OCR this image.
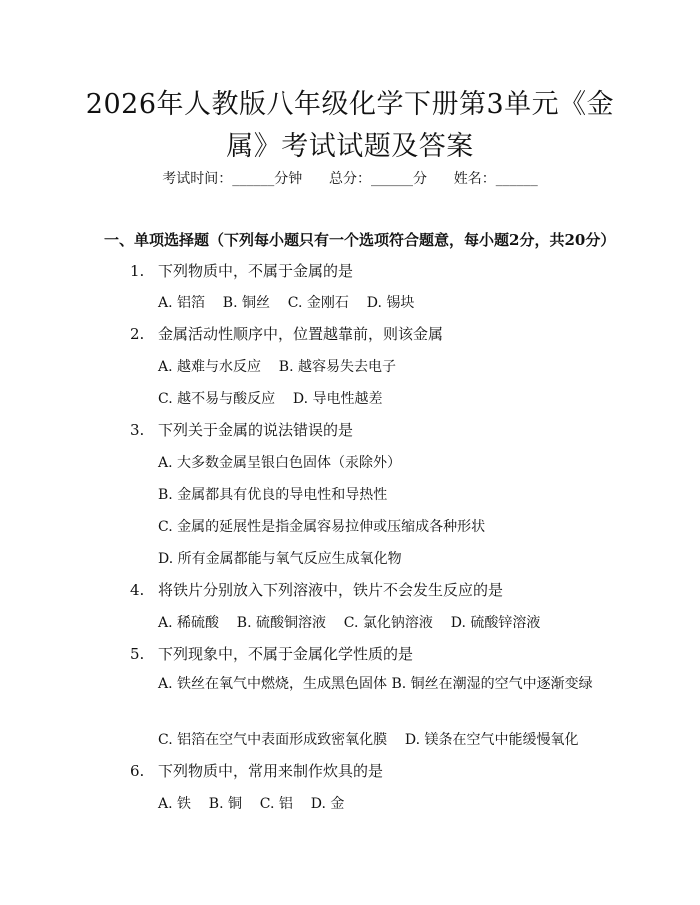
2026年人教版八年级化学下册第3单元《金属》考试试题及答案
考试时间：______分钟      总分：______分      姓名：______
一、单项选择题（下列每小题只有一个选项符合题意，每小题2分，共20分）
1. 下列物质中，不属于金属的是
A. 铝箔    B. 铜丝    C. 金刚石    D. 锡块
2. 金属活动性顺序中，位置越靠前，则该金属
A. 越难与水反应    B. 越容易失去电子
C. 越不易与酸反应    D. 导电性越差
3. 下列关于金属的说法错误的是
A. 大多数金属呈银白色固体（汞除外）
B. 金属都具有优良的导电性和导热性
C. 金属的延展性是指金属容易拉伸或压缩成各种形状
D. 所有金属都能与氧气反应生成氧化物
4. 将铁片分别放入下列溶液中，铁片不会发生反应的是
A. 稀硫酸    B. 硫酸铜溶液    C. 氯化钠溶液    D. 硫酸锌溶液
5. 下列现象中，不属于金属化学性质的是
A. 铁丝在氧气中燃烧，生成黑色固体 B. 铜丝在潮湿的空气中逐渐变绿
C. 铝箔在空气中表面形成致密氧化膜    D. 镁条在空气中能缓慢氧化
6. 下列物质中，常用来制作炊具的是
A. 铁    B. 铜    C. 铝    D. 金
